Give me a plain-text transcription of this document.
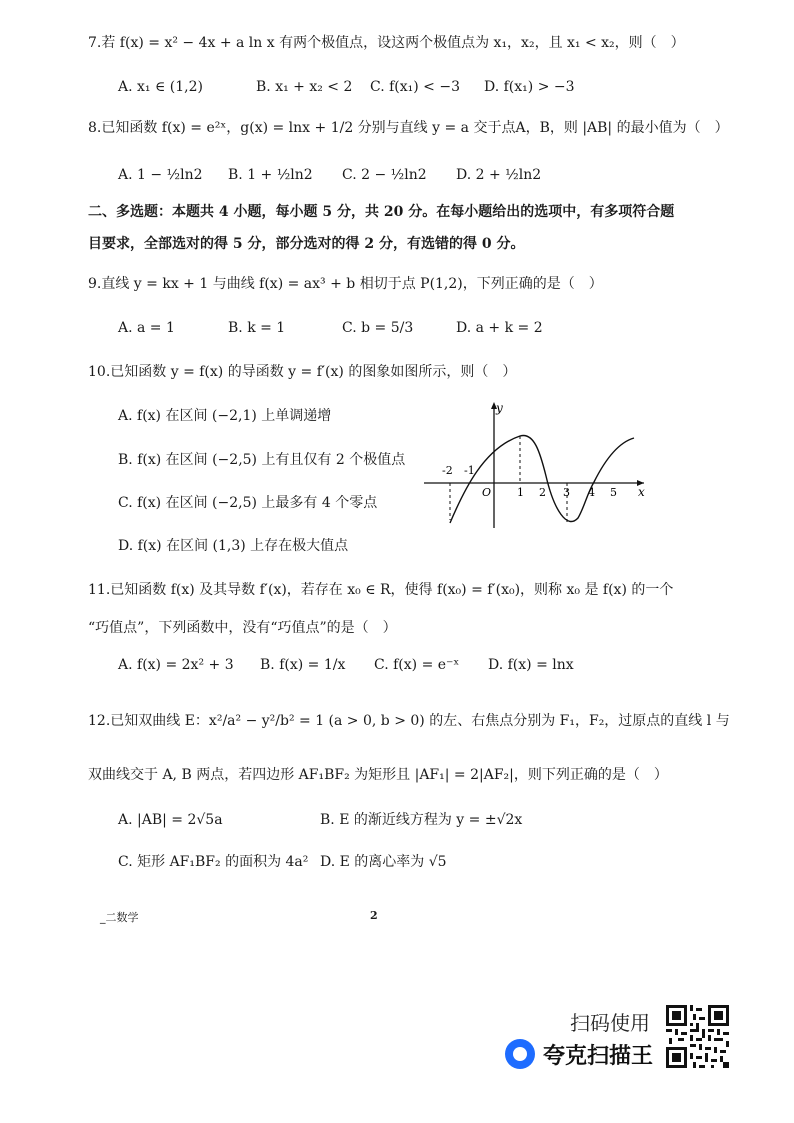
7.若 f(x) = x² − 4x + a ln x 有两个极值点，设这两个极值点为 x₁，x₂，且 x₁ < x₂，则（　）
A. x₁ ∈ (1,2)	B. x₁ + x₂ < 2 C. f(x₁) < −3 D. f(x₁) > −3
8.已知函数 f(x) = e²ˣ，g(x) = lnx + 1/2 分别与直线 y = a 交于点A，B，则 |AB| 的最小值为（　）
A. 1 − ½ln2 B. 1 + ½ln2 C. 2 − ½ln2 D. 2 + ½ln2
二、多选题：本题共 4 小题，每小题 5 分，共 20 分。在每小题给出的选项中，有多项符合题
目要求，全部选对的得 5 分，部分选对的得 2 分，有选错的得 0 分。
9.直线 y = kx + 1 与曲线 f(x) = ax³ + b 相切于点 P(1,2)，下列正确的是（　）
A. a = 1	B. k = 1	C. b = 5/3	D. a + k = 2
10.已知函数 y = f(x) 的导函数 y = f′(x) 的图象如图所示，则（　）
A. f(x) 在区间 (−2,1) 上单调递增
B. f(x) 在区间 (−2,5) 上有且仅有 2 个极值点
C. f(x) 在区间 (−2,5) 上最多有 4 个零点
D. f(x) 在区间 (1,3) 上存在极大值点
y
x
-2 -1
O 1 2 3 4 5
11.已知函数 f(x) 及其导数 f′(x)，若存在 x₀ ∈ R，使得 f(x₀) = f′(x₀)，则称 x₀ 是 f(x) 的一个
“巧值点”，下列函数中，没有“巧值点”的是（　）
A. f(x) = 2x² + 3 B. f(x) = 1/x C. f(x) = e⁻ˣ D. f(x) = lnx
12.已知双曲线 E：x²/a² − y²/b² = 1 (a > 0, b > 0) 的左、右焦点分别为 F₁，F₂，过原点的直线 l 与
双曲线交于 A, B 两点，若四边形 AF₁BF₂ 为矩形且 |AF₁| = 2|AF₂|，则下列正确的是（　）
A. |AB| = 2√5a	B. E 的渐近线方程为 y = ±√2x
C. 矩形 AF₁BF₂ 的面积为 4a² D. E 的离心率为 √5
_二数学	2
扫码使用
夸克扫描王
